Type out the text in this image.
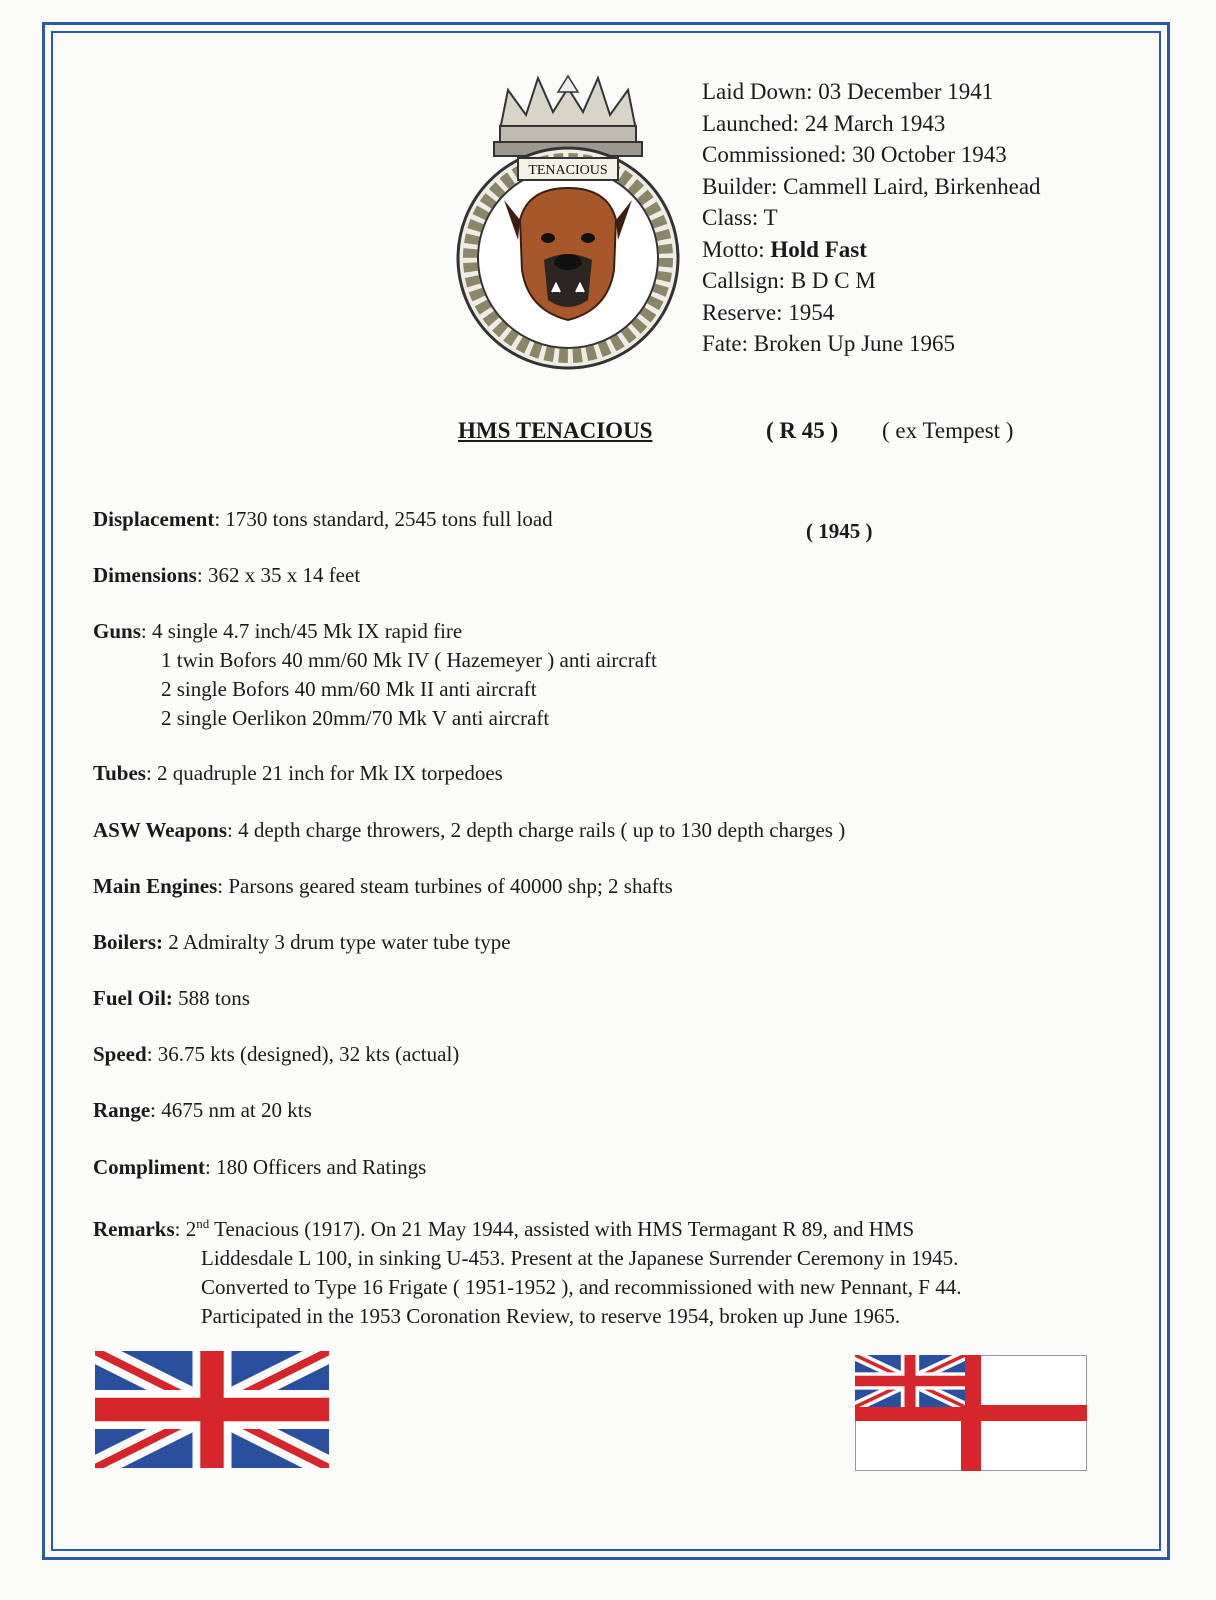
TENACIOUS
Laid Down: 03 December 1941
Launched: 24 March 1943
Commissioned: 30 October 1943
Builder: Cammell Laird, Birkenhead
Class: T
Motto: Hold Fast
Callsign: B D C M
Reserve: 1954
Fate: Broken Up June 1965
HMS TENACIOUS	( R 45 ) ( ex Tempest )
Displacement: 1730 tons standard, 2545 tons full load	( 1945 )
Dimensions: 362 x 35 x 14 feet
Guns: 4 single 4.7 inch/45 Mk IX rapid fire
1 twin Bofors 40 mm/60 Mk IV ( Hazemeyer ) anti aircraft
2 single Bofors 40 mm/60 Mk II anti aircraft
2 single Oerlikon 20mm/70 Mk V anti aircraft
Tubes: 2 quadruple 21 inch for Mk IX torpedoes
ASW Weapons: 4 depth charge throwers, 2 depth charge rails ( up to 130 depth charges )
Main Engines: Parsons geared steam turbines of 40000 shp; 2 shafts
Boilers: 2 Admiralty 3 drum type water tube type
Fuel Oil: 588 tons
Speed: 36.75 kts (designed), 32 kts (actual)
Range: 4675 nm at 20 kts
Compliment: 180 Officers and Ratings
Remarks: 2nd Tenacious (1917). On 21 May 1944, assisted with HMS Termagant R 89, and HMS
Liddesdale L 100, in sinking U-453. Present at the Japanese Surrender Ceremony in 1945.
Converted to Type 16 Frigate ( 1951-1952 ), and recommissioned with new Pennant, F 44.
Participated in the 1953 Coronation Review, to reserve 1954, broken up June 1965.
